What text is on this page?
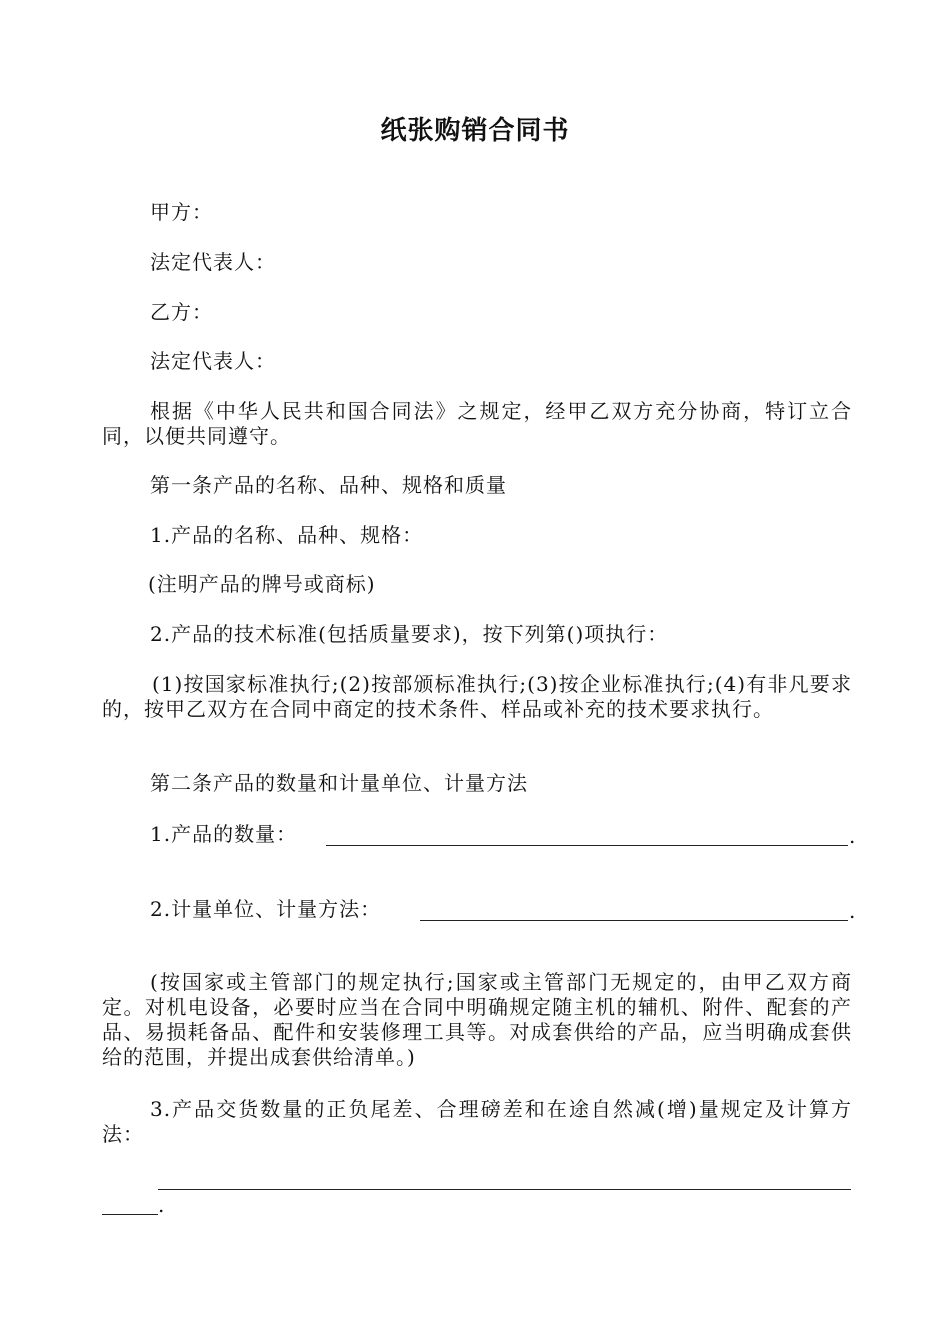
纸张购销合同书
甲方：
法定代表人：
乙方：
法定代表人：
根据《中华人民共和国合同法》之规定，经甲乙双方充分协商，特订立合同，以便共同遵守。
第一条产品的名称、品种、规格和质量
1.产品的名称、品种、规格：
(注明产品的牌号或商标)
2.产品的技术标准(包括质量要求)，按下列第()项执行：
(1)按国家标准执行;(2)按部颁标准执行;(3)按企业标准执行;(4)有非凡要求的，按甲乙双方在合同中商定的技术条件、样品或补充的技术要求执行。
第二条产品的数量和计量单位、计量方法
1.产品的数量：	.
2.计量单位、计量方法：	.
(按国家或主管部门的规定执行;国家或主管部门无规定的，由甲乙双方商定。对机电设备，必要时应当在合同中明确规定随主机的辅机、附件、配套的产品、易损耗备品、配件和安装修理工具等。对成套供给的产品，应当明确成套供给的范围，并提出成套供给清单。)
3.产品交货数量的正负尾差、合理磅差和在途自然减(增)量规定及计算方法：
.
